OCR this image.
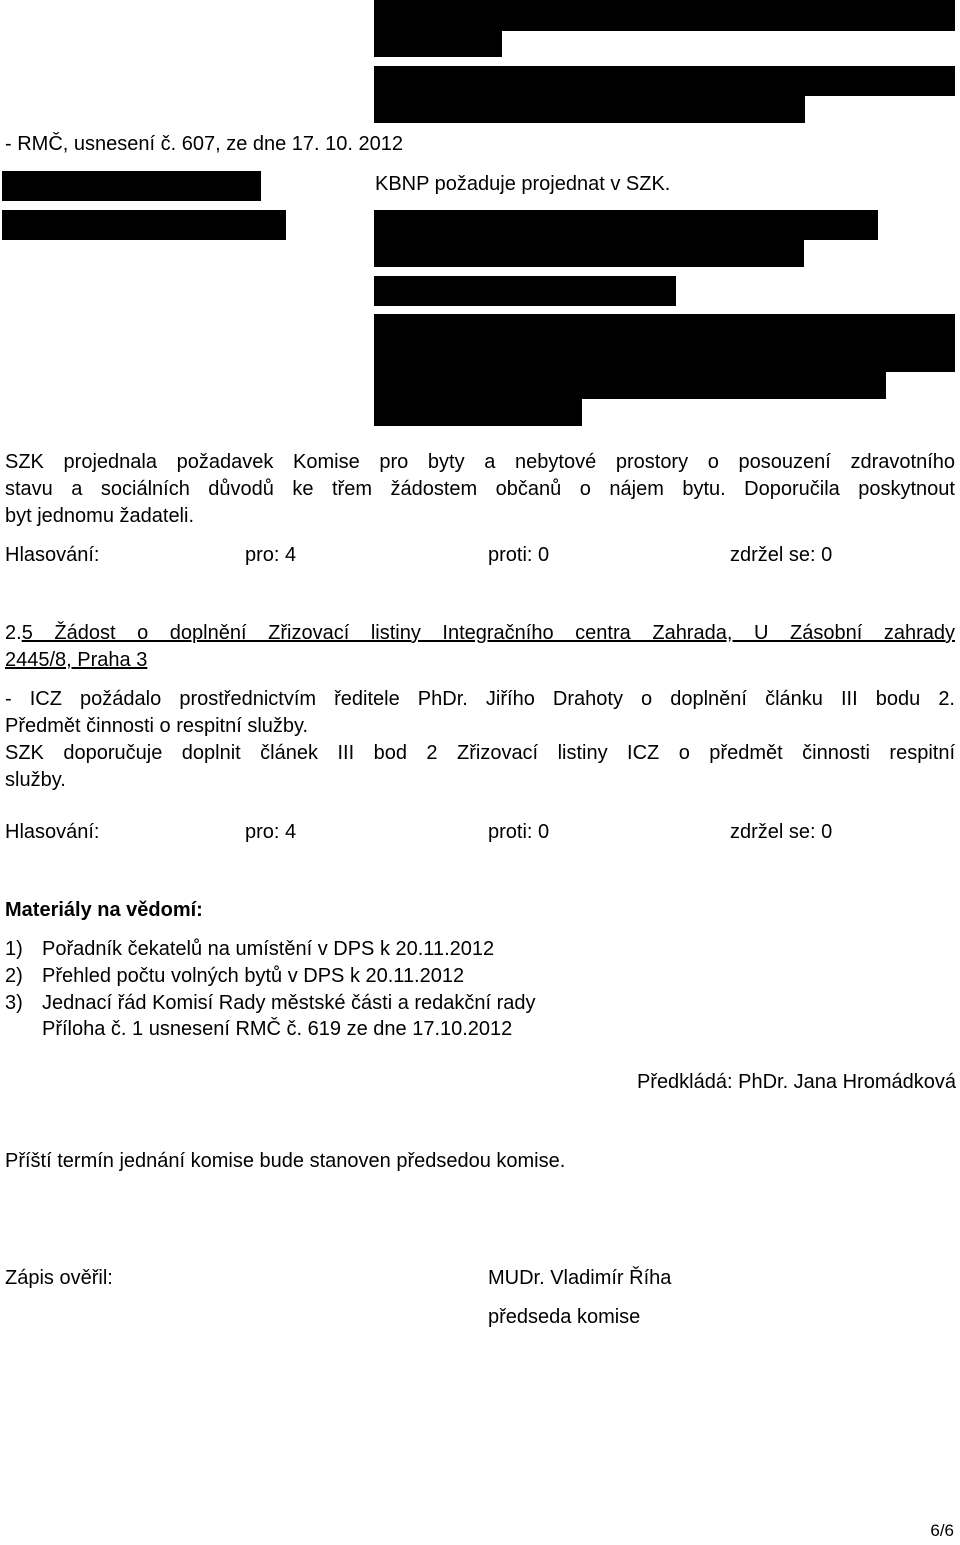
- RMČ, usnesení č. 607, ze dne 17. 10. 2012
KBNP požaduje projednat v SZK.
SZK projednala požadavek Komise pro byty a nebytové prostory o posouzení zdravotního
stavu a sociálních důvodů ke třem žádostem občanů o nájem bytu. Doporučila poskytnout
byt jednomu žadateli.
Hlasování:	pro: 4	proti: 0	zdržel se: 0
2.5 Žádost o doplnění Zřizovací listiny Integračního centra Zahrada, U Zásobní zahrady
2445/8, Praha 3
- ICZ požádalo prostřednictvím ředitele PhDr. Jiřího Drahoty o doplnění článku III bodu 2.
Předmět činnosti o respitní služby.
SZK doporučuje doplnit článek III bod 2 Zřizovací listiny ICZ o předmět činnosti respitní
služby.
Hlasování:	pro: 4	proti: 0	zdržel se: 0
Materiály na vědomí:
1) Pořadník čekatelů na umístění v DPS k 20.11.2012
2) Přehled počtu volných bytů v DPS k 20.11.2012
3) Jednací řád Komisí Rady městské části a redakční rady
Příloha č. 1 usnesení RMČ č. 619 ze dne 17.10.2012
Předkládá: PhDr. Jana Hromádková
Příští termín jednání komise bude stanoven předsedou komise.
Zápis ověřil:	MUDr. Vladimír Říha
předseda komise
6/6
